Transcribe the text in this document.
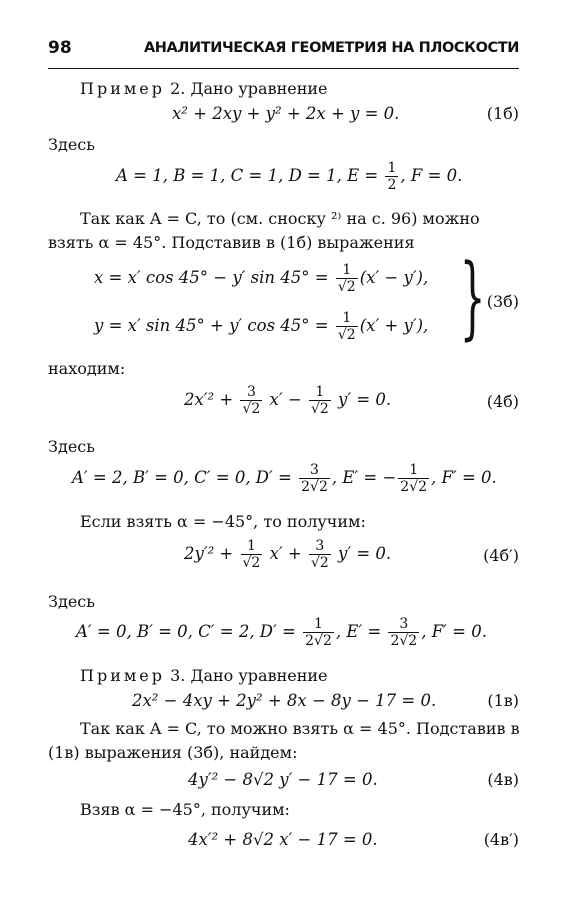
98	АНАЛИТИЧЕСКАЯ ГЕОМЕТРИЯ НА ПЛОСКОСТИ
Пример 2. Дано уравнение
x² + 2xy + y² + 2x + y = 0.	(1б)
Здесь
A = 1, B = 1, C = 1, D = 1, $E = \frac{1}{2}$ , F = 0.
Так как A = C, то (см. сноску ²⁾ на с. 96) можно
взять α = 45°. Подставив в (1б) выражения
x = x′ cos 45° − y′ $\sin 45^\circ = \frac{1}{√2} (x' - y')$,
y = x′ sin 45° + y′ $\cos 45^\circ = \frac{1}{√2} (x' + y')$, } (3б)
находим:
$2x'^2 + \frac{3}{√2} x' - \frac{1}{√2} y' = 0$.	(4б)
Здесь
A′ = 2, B′ = 0, C′ = 0, $D' = \frac{3}{2√2}$ , E′ = − $\frac{1}{2√2}$ , F′ = 0.
Если взять α = −45°, то получим:
$2y'^2 + \frac{1}{√2} x' + \frac{3}{√2} y' = 0$.	(4б′)
Здесь
A′ = 0, B′ = 0, C′ = 2, $D' = \frac{1}{2√2}$ , $E' = \frac{3}{2√2}$ , F′ = 0.
Пример 3. Дано уравнение
2x² − 4xy + 2y² + 8x − 8y − 17 = 0.	(1в)
Так как A = C, то можно взять α = 45°. Подставив в
(1в) выражения (3б), найдем:
4y′² − 8√2 y′ − 17 = 0.	(4в)
Взяв α = −45°, получим:
4x′² + 8√2 x′ − 17 = 0.	(4в′)
